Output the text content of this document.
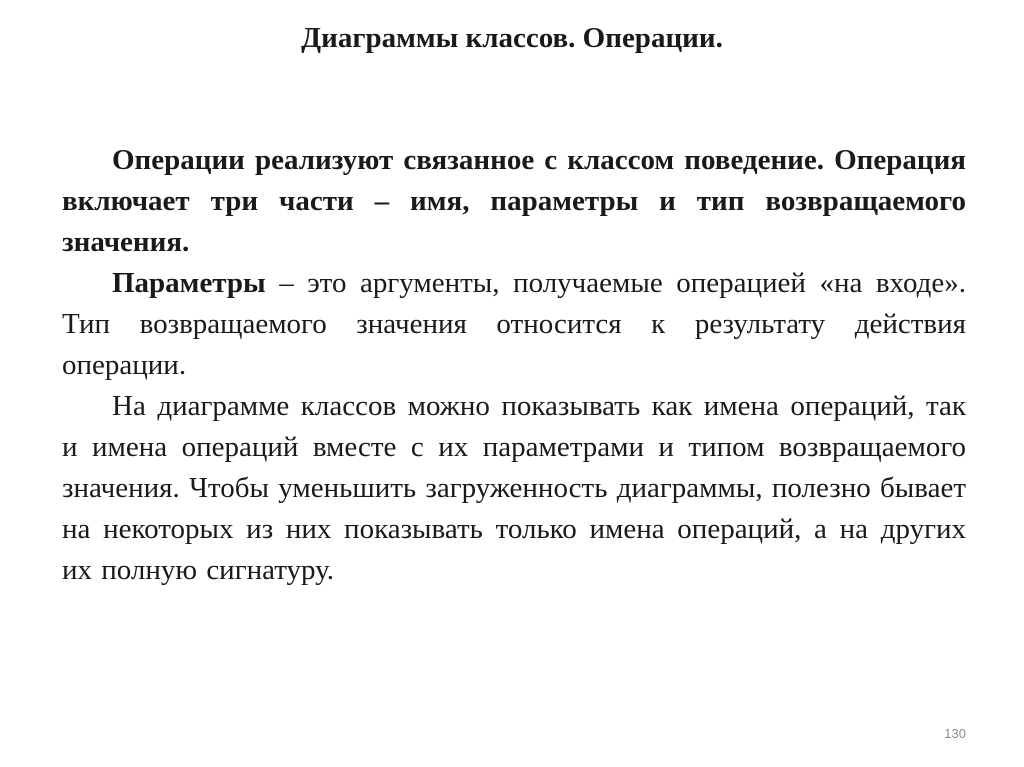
Диаграммы классов. Операции.

Операции реализуют связанное с классом поведение. Операция включает три части – имя, параметры и тип возвращаемого значения.

Параметры – это аргументы, получаемые операцией «на входе». Тип возвращаемого значения относится к результату действия операции.

На диаграмме классов можно показывать как имена операций, так и имена операций вместе с их параметрами и типом возвращаемого значения. Чтобы уменьшить загруженность диаграммы, полезно бывает на некоторых из них показывать только имена операций, а на других их полную сигнатуру.

130
